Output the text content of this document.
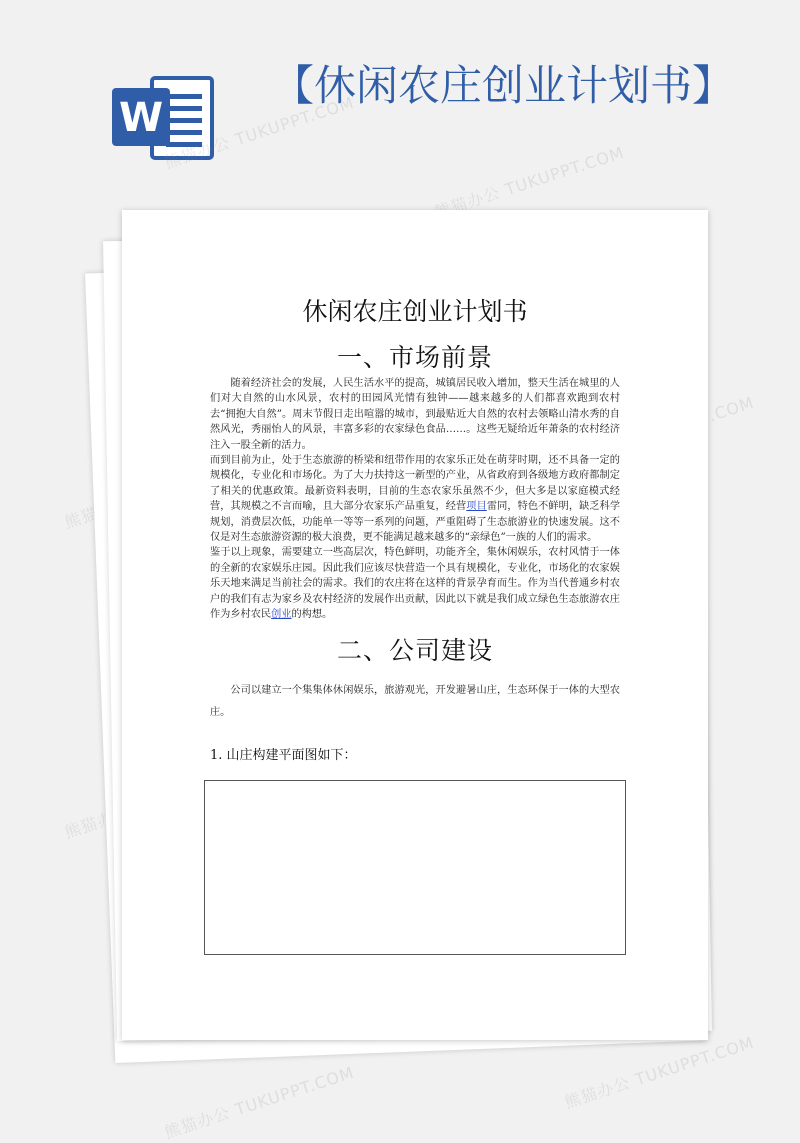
W
【休闲农庄创业计划书】
熊猫办公 TUKUPPT.COM
熊猫办公 TUKUPPT.COM
熊猫办公
熊猫办公 TUKUPPT.COM	熊猫办公 TUKUPPT.COM
休闲农庄创业计划书
一、市场前景

随着经济社会的发展，人民生活水平的提高，城镇居民收入增加，整天生活在城里的人们对大自然的山水风景，农村的田园风光情有独钟——越来越多的人们都喜欢跑到农村去“拥抱大自然”。周末节假日走出喧嚣的城市，到最贴近大自然的农村去领略山清水秀的自然风光，秀丽怡人的风景，丰富多彩的农家绿色食品……。这些无疑给近年萧条的农村经济注入一股全新的活力。

而到目前为止，处于生态旅游的桥梁和纽带作用的农家乐正处在萌芽时期，还不具备一定的规模化，专业化和市场化。为了大力扶持这一新型的产业，从省政府到各级地方政府都制定了相关的优惠政策。最新资料表明，目前的生态农家乐虽然不少，但大多是以家庭模式经营，其规模之不言而喻，且大部分农家乐产品重复，经营项目雷同，特色不鲜明，缺乏科学规划，消费层次低，功能单一等等一系列的问题，严重阻碍了生态旅游业的快速发展。这不仅是对生态旅游资源的极大浪费，更不能满足越来越多的“亲绿色”一族的人们的需求。

鉴于以上现象，需要建立一些高层次，特色鲜明，功能齐全，集休闲娱乐，农村风情于一体的全新的农家娱乐庄园。因此我们应该尽快营造一个具有规模化，专业化，市场化的农家娱乐天地来满足当前社会的需求。我们的农庄将在这样的背景孕育而生。作为当代普通乡村农户的我们有志为家乡及农村经济的发展作出贡献，因此以下就是我们成立绿色生态旅游农庄作为乡村农民创业的构想。

二、公司建设

公司以建立一个集集体休闲娱乐，旅游观光，开发避暑山庄，生态环保于一体的大型农庄。

1. 山庄构建平面图如下：
